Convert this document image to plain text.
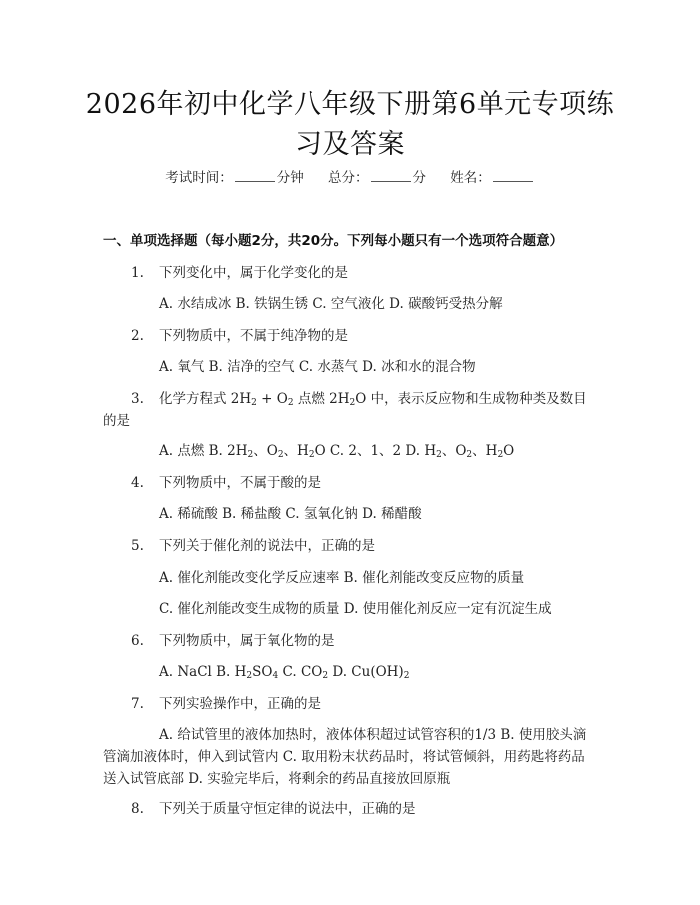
2026年初中化学八年级下册第6单元专项练
习及答案
考试时间：	分钟 总分：	分 姓名：
一、单项选择题（每小题2分，共20分。下列每小题只有一个选项符合题意）
1.	下列变化中，属于化学变化的是
A. 水结成冰 B. 铁锅生锈 C. 空气液化 D. 碳酸钙受热分解
2.	下列物质中，不属于纯净物的是
A. 氧气 B. 洁净的空气 C. 水蒸气 D. 冰和水的混合物
3.	化学方程式 $2H_2 + O_2$ 点燃 $2H_2O$ 中，表示反应物和生成物种类及数目的是
A. 点燃 B. $2H_2$、$O_2$、$H_2O$ C. 2、1、2 D. $H_2$、$O_2$、$H_2O$
4.	下列物质中，不属于酸的是
A. 稀硫酸 B. 稀盐酸 C. 氢氧化钠 D. 稀醋酸
5.	下列关于催化剂的说法中，正确的是
A. 催化剂能改变化学反应速率 B. 催化剂能改变反应物的质量
C. 催化剂能改变生成物的质量 D. 使用催化剂反应一定有沉淀生成
6.	下列物质中，属于氧化物的是
A. NaCl B. $H_2SO_4$ C. $CO_2$ D. $Cu(OH)_2$
7.	下列实验操作中，正确的是
A. 给试管里的液体加热时，液体体积超过试管容积的1/3 B. 使用胶头滴管滴加液体时，伸入到试管内 C. 取用粉末状药品时，将试管倾斜，用药匙将药品送入试管底部 D. 实验完毕后，将剩余的药品直接放回原瓶
8.	下列关于质量守恒定律的说法中，正确的是
